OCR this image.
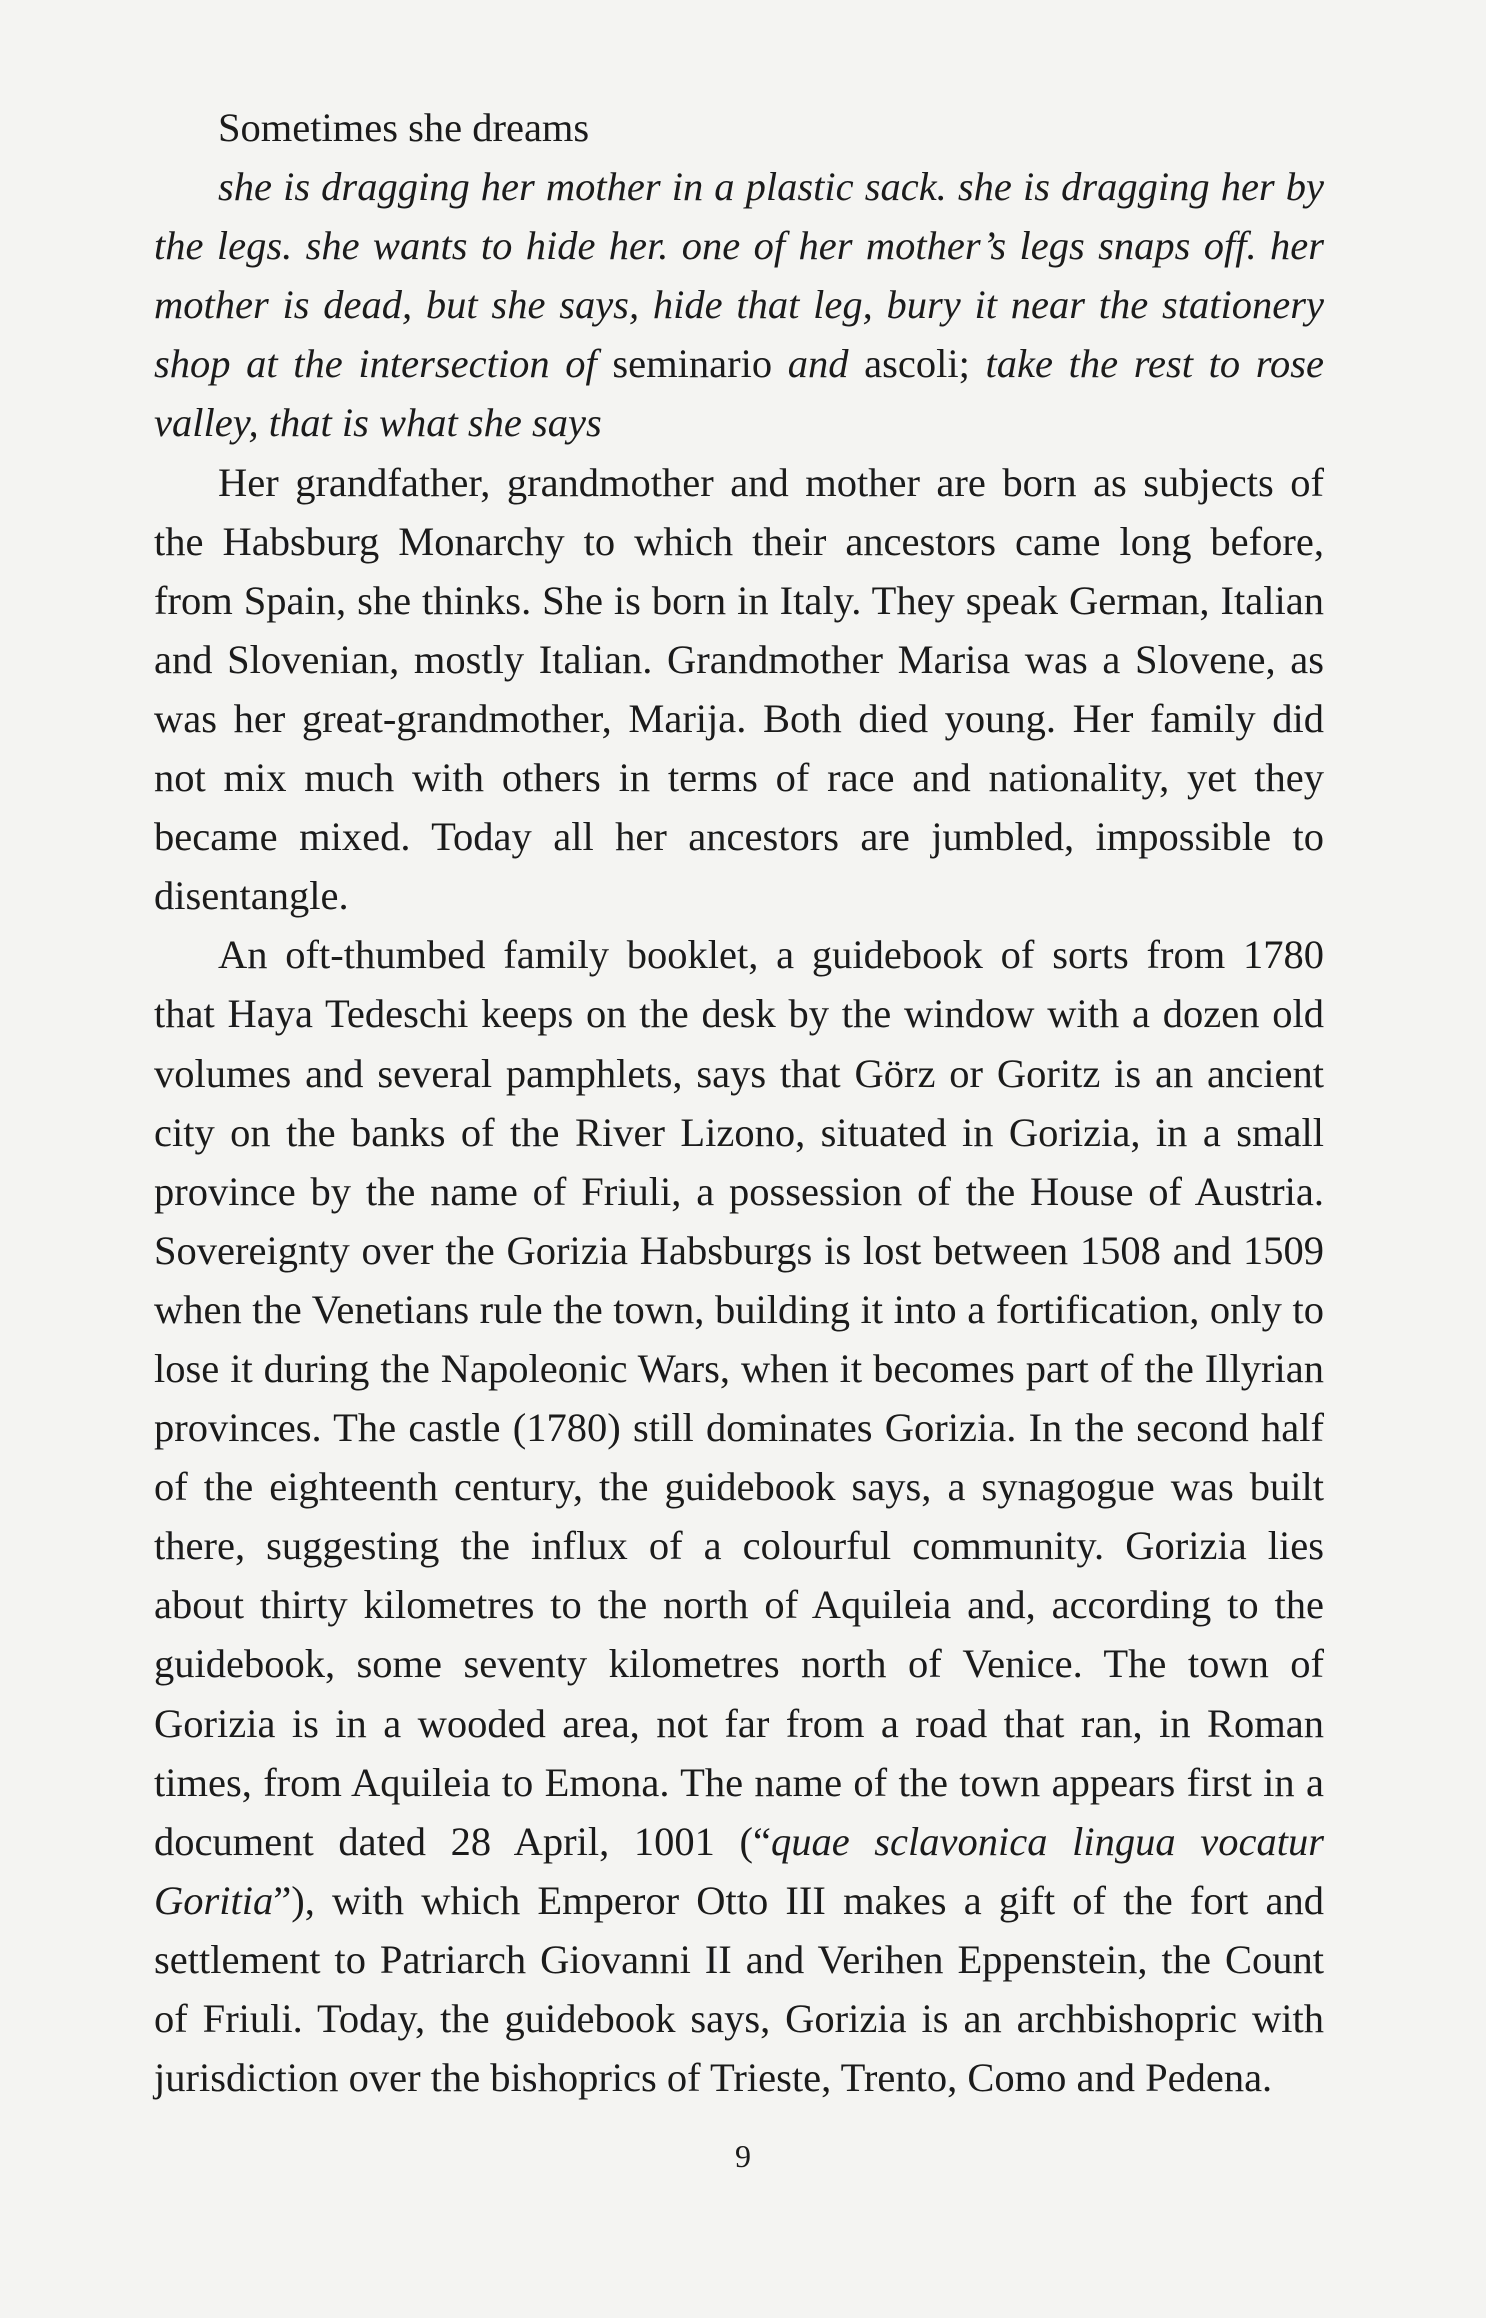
Sometimes she dreams

she is dragging her mother in a plastic sack. she is dragging her by the legs. she wants to hide her. one of her mother’s legs snaps off. her mother is dead, but she says, hide that leg, bury it near the stationery shop at the intersection of seminario and ascoli; take the rest to rose valley, that is what she says

Her grandfather, grandmother and mother are born as subjects of the Habsburg Monarchy to which their ancestors came long before, from Spain, she thinks. She is born in Italy. They speak German, Italian and Slovenian, mostly Italian. Grandmother Marisa was a Slovene, as was her great-grandmother, Marija. Both died young. Her family did not mix much with others in terms of race and nationality, yet they became mixed. Today all her ancestors are jumbled, impossible to disentangle.

An oft-thumbed family booklet, a guidebook of sorts from 1780 that Haya Tedeschi keeps on the desk by the window with a dozen old volumes and several pamphlets, says that Görz or Goritz is an ancient city on the banks of the River Lizono, situated in Gorizia, in a small province by the name of Friuli, a possession of the House of Austria. Sovereignty over the Gorizia Habsburgs is lost between 1508 and 1509 when the Venetians rule the town, building it into a fortification, only to lose it during the Napoleonic Wars, when it becomes part of the Illyrian provinces. The castle (1780) still dominates Gorizia. In the second half of the eighteenth century, the guidebook says, a synagogue was built there, suggesting the influx of a colourful community. Gorizia lies about thirty kilometres to the north of Aquileia and, according to the guidebook, some seventy kilometres north of Venice. The town of Gorizia is in a wooded area, not far from a road that ran, in Roman times, from Aquileia to Emona. The name of the town appears first in a document dated 28 April, 1001 (“quae sclavonica lingua vocatur Goritia”), with which Emperor Otto III makes a gift of the fort and settlement to Patriarch Giovanni II and Verihen Eppenstein, the Count of Friuli. Today, the guidebook says, Gorizia is an archbishopric with jurisdiction over the bishoprics of Trieste, Trento, Como and Pedena.

9
